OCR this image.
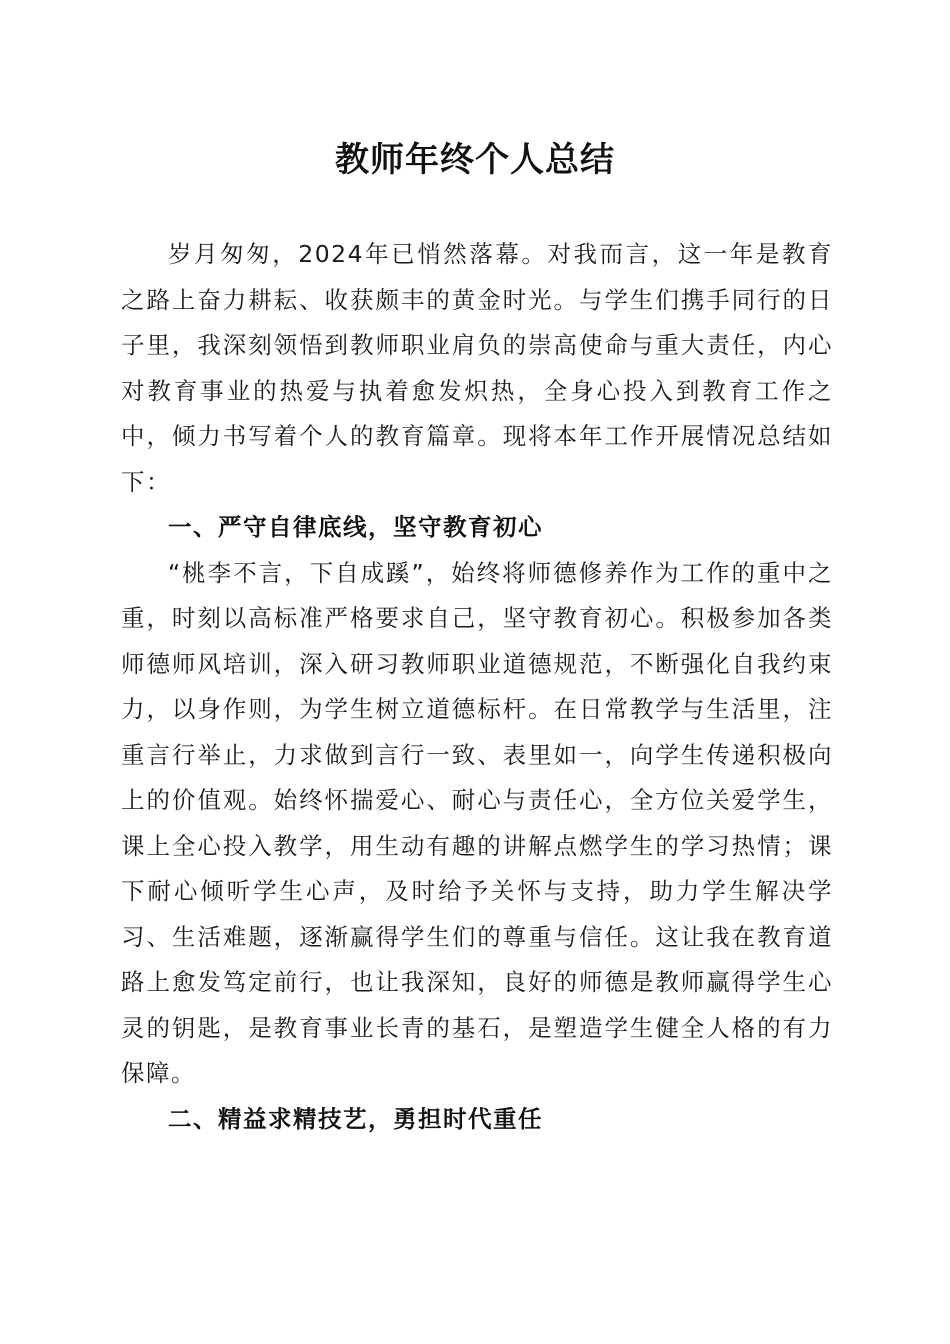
教师年终个人总结

岁月匆匆，2024年已悄然落幕。对我而言，这一年是教育之路上奋力耕耘、收获颇丰的黄金时光。与学生们携手同行的日子里，我深刻领悟到教师职业肩负的崇高使命与重大责任，内心对教育事业的热爱与执着愈发炽热，全身心投入到教育工作之中，倾力书写着个人的教育篇章。现将本年工作开展情况总结如下：

一、严守自律底线，坚守教育初心

“桃李不言，下自成蹊”，始终将师德修养作为工作的重中之重，时刻以高标准严格要求自己，坚守教育初心。积极参加各类师德师风培训，深入研习教师职业道德规范，不断强化自我约束力，以身作则，为学生树立道德标杆。在日常教学与生活里，注重言行举止，力求做到言行一致、表里如一，向学生传递积极向上的价值观。始终怀揣爱心、耐心与责任心，全方位关爱学生，课上全心投入教学，用生动有趣的讲解点燃学生的学习热情；课下耐心倾听学生心声，及时给予关怀与支持，助力学生解决学习、生活难题，逐渐赢得学生们的尊重与信任。这让我在教育道路上愈发笃定前行，也让我深知，良好的师德是教师赢得学生心灵的钥匙，是教育事业长青的基石，是塑造学生健全人格的有力保障。

二、精益求精技艺，勇担时代重任
